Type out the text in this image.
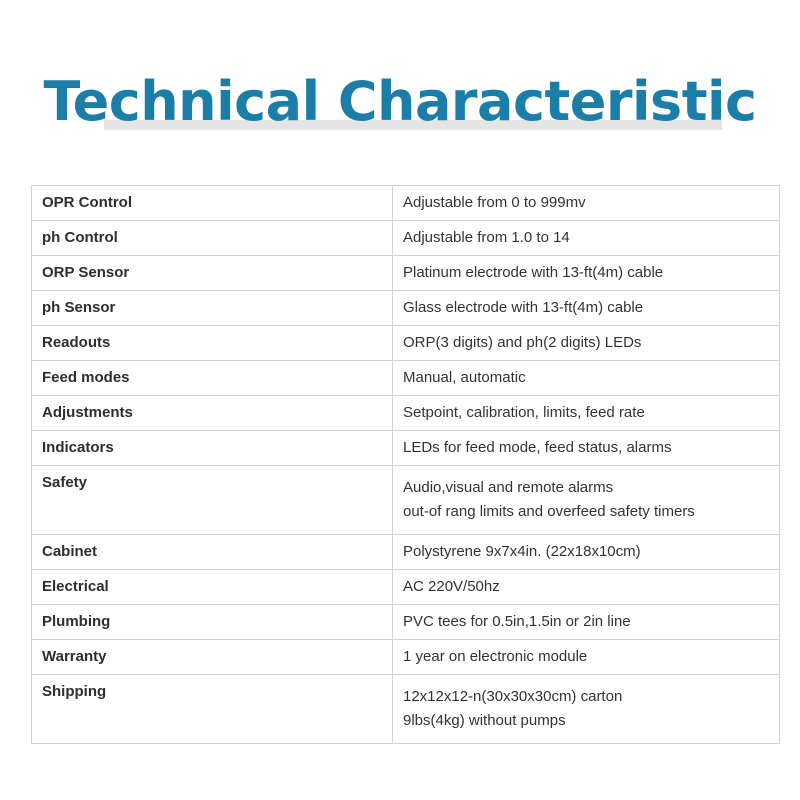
Technical Characteristic
OPR Control	Adjustable from 0 to 999mv

ph Control	Adjustable from 1.0 to 14

ORP Sensor	Platinum electrode with 13-ft(4m) cable

ph Sensor	Glass electrode with 13-ft(4m) cable

Readouts	ORP(3 digits) and ph(2 digits) LEDs

Feed modes	Manual, automatic

Adjustments	Setpoint, calibration, limits, feed rate

Indicators	LEDs for feed mode, feed status, alarms

Safety	Audio,visual and remote alarms
out-of rang limits and overfeed safety timers

Cabinet	Polystyrene 9x7x4in. (22x18x10cm)

Electrical	AC 220V/50hz

Plumbing	PVC tees for 0.5in,1.5in or 2in line

Warranty	1 year on electronic module

Shipping	12x12x12-n(30x30x30cm) carton
9lbs(4kg) without pumps
